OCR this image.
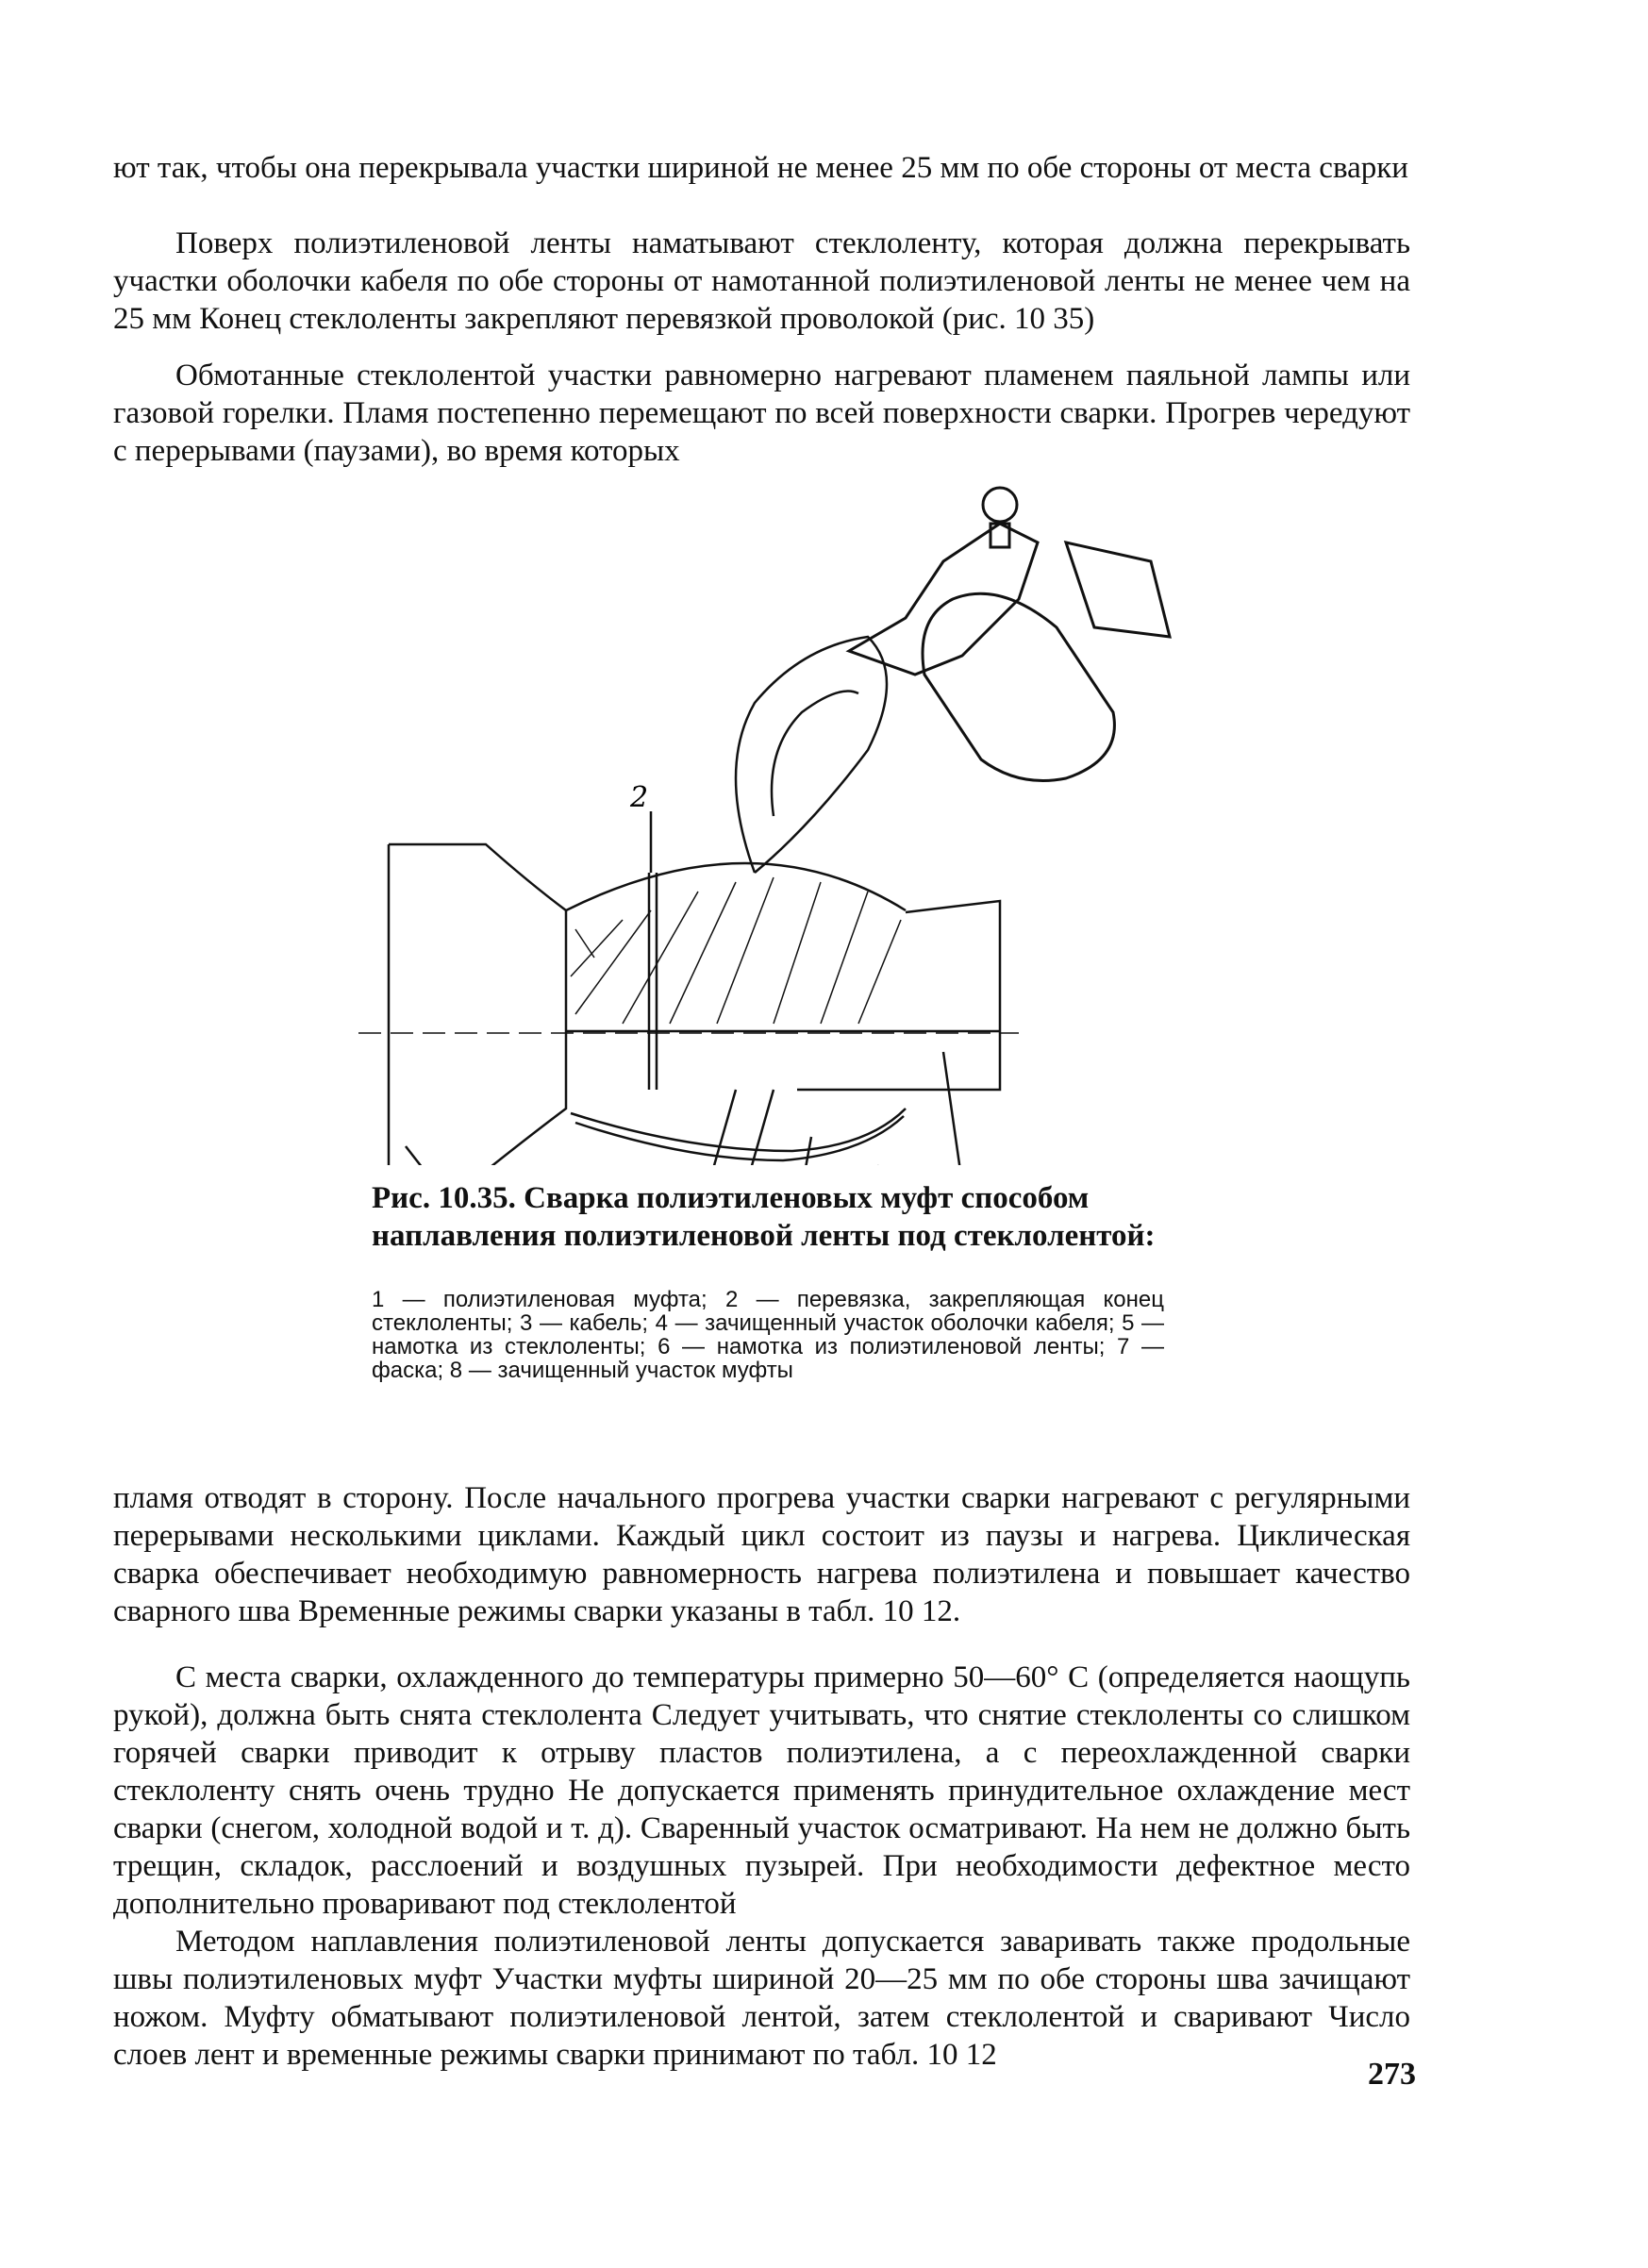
ют так, чтобы она перекрывала участки шириной не менее 25 мм по обе стороны от места сварки

Поверх полиэтиленовой ленты наматывают стеклоленту, которая должна перекрывать участки оболочки кабеля по обе стороны от намотанной полиэтиленовой ленты не менее чем на 25 мм Конец стеклоленты закрепляют перевязкой проволокой (рис. 10 35)

Обмотанные стеклолентой участки равномерно нагревают пламенем паяльной лампы или газовой горелки. Пламя постепенно перемещают по всей поверхности сварки. Прогрев чередуют с перерывами (паузами), во время которых

2

Рис. 10.35. Сварка полиэтиленовых муфт способом наплавления полиэтиленовой ленты под стеклолентой:

1 — полиэтиленовая муфта; 2 — перевязка, закрепляющая конец стеклоленты; 3 — кабель; 4 — зачищенный участок оболочки кабеля; 5 — намотка из стеклоленты; 6 — намотка из полиэтиленовой ленты; 7 — фаска; 8 — зачищенный участок муфты

пламя отводят в сторону. После начального прогрева участки сварки нагревают с регулярными перерывами несколькими циклами. Каждый цикл состоит из паузы и нагрева. Циклическая сварка обеспечивает необходимую равномерность нагрева полиэтилена и повышает качество сварного шва Временные режимы сварки указаны в табл. 10 12.

С места сварки, охлажденного до температуры примерно 50—60° С (определяется наощупь рукой), должна быть снята стеклолента Следует учитывать, что снятие стеклоленты со слишком горячей сварки приводит к отрыву пластов полиэтилена, а с переохлажденной сварки стеклоленту снять очень трудно Не допускается применять принудительное охлаждение мест сварки (снегом, холодной водой и т. д). Сваренный участок осматривают. На нем не должно быть трещин, складок, расслоений и воздушных пузырей. При необходимости дефектное место дополнительно проваривают под стеклолентой

Методом наплавления полиэтиленовой ленты допускается заваривать также продольные швы полиэтиленовых муфт Участки муфты шириной 20—25 мм по обе стороны шва зачищают ножом. Муфту обматывают полиэтиленовой лентой, затем стеклолентой и сваривают Число слоев лент и временные режимы сварки принимают по табл. 10 12

273
